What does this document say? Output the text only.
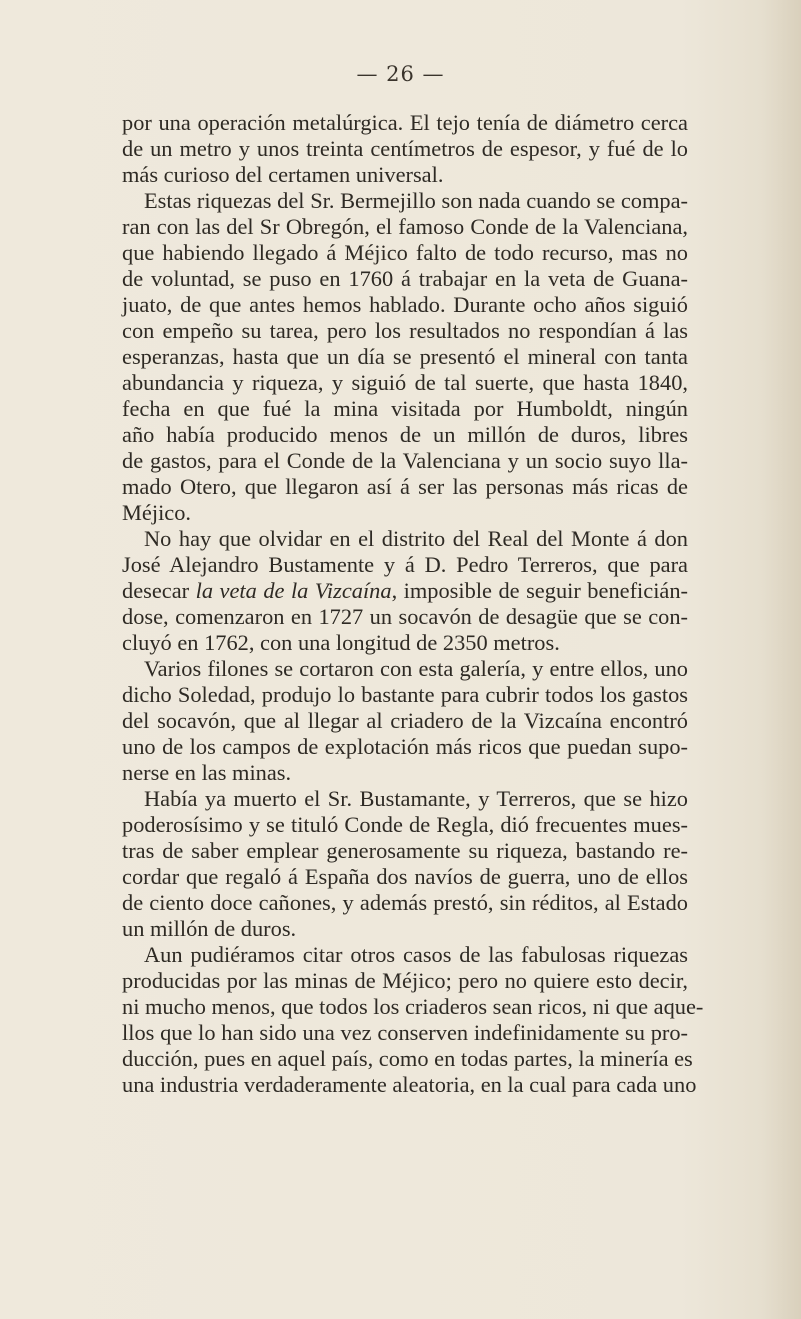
— 26 —
por una operación metalúrgica. El tejo tenía de diámetro cerca
de un metro y unos treinta centímetros de espesor, y fué de lo
más curioso del certamen universal.
Estas riquezas del Sr. Bermejillo son nada cuando se compa-
ran con las del Sr Obregón, el famoso Conde de la Valenciana,
que habiendo llegado á Méjico falto de todo recurso, mas no
de voluntad, se puso en 1760 á trabajar en la veta de Guana-
juato, de que antes hemos hablado. Durante ocho años siguió
con empeño su tarea, pero los resultados no respondían á las
esperanzas, hasta que un día se presentó el mineral con tanta
abundancia y riqueza, y siguió de tal suerte, que hasta 1840,
fecha en que fué la mina visitada por Humboldt, ningún
año había producido menos de un millón de duros, libres
de gastos, para el Conde de la Valenciana y un socio suyo lla-
mado Otero, que llegaron así á ser las personas más ricas de
Méjico.
No hay que olvidar en el distrito del Real del Monte á don
José Alejandro Bustamente y á D. Pedro Terreros, que para
desecar la veta de la Vizcaína, imposible de seguir beneficián-
dose, comenzaron en 1727 un socavón de desagüe que se con-
cluyó en 1762, con una longitud de 2350 metros.
Varios filones se cortaron con esta galería, y entre ellos, uno
dicho Soledad, produjo lo bastante para cubrir todos los gastos
del socavón, que al llegar al criadero de la Vizcaína encontró
uno de los campos de explotación más ricos que puedan supo-
nerse en las minas.
Había ya muerto el Sr. Bustamante, y Terreros, que se hizo
poderosísimo y se tituló Conde de Regla, dió frecuentes mues-
tras de saber emplear generosamente su riqueza, bastando re-
cordar que regaló á España dos navíos de guerra, uno de ellos
de ciento doce cañones, y además prestó, sin réditos, al Estado
un millón de duros.
Aun pudiéramos citar otros casos de las fabulosas riquezas
producidas por las minas de Méjico; pero no quiere esto decir,
ni mucho menos, que todos los criaderos sean ricos, ni que aque-
llos que lo han sido una vez conserven indefinidamente su pro-
ducción, pues en aquel país, como en todas partes, la minería es
una industria verdaderamente aleatoria, en la cual para cada uno
